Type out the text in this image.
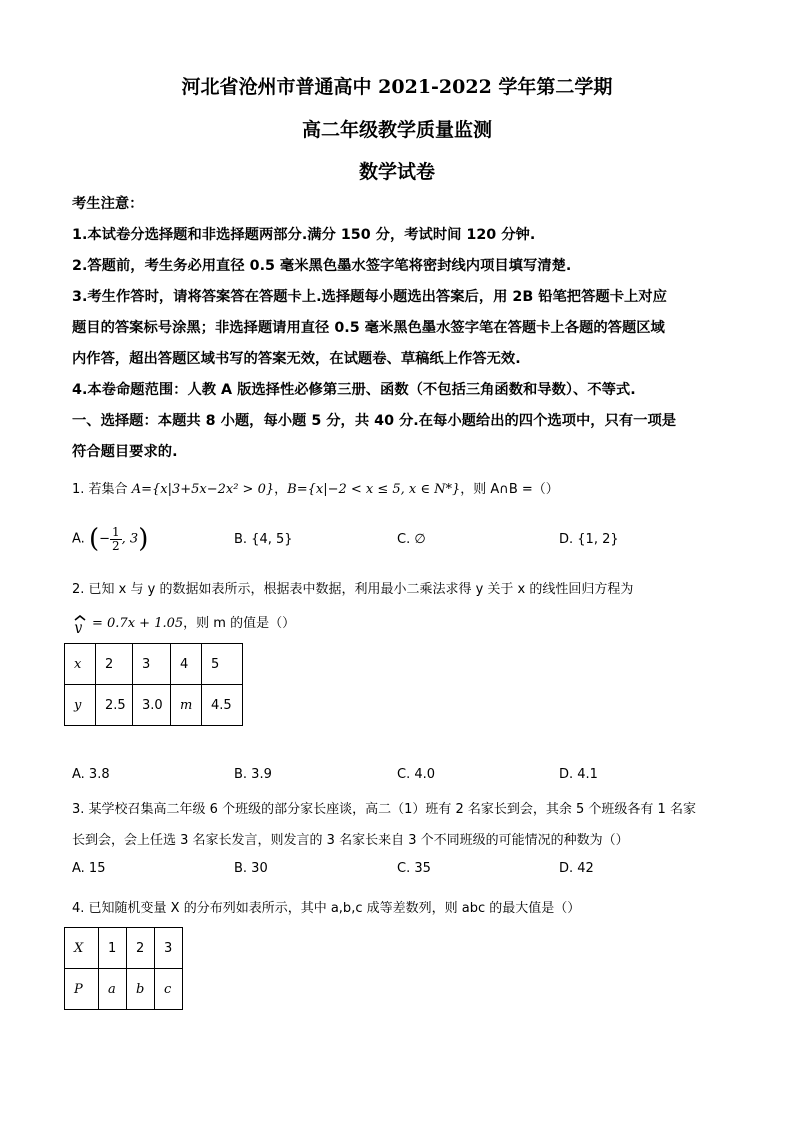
河北省沧州市普通高中 2021-2022 学年第二学期
高二年级教学质量监测
数学试卷
考生注意：
1.本试卷分选择题和非选择题两部分.满分 150 分，考试时间 120 分钟.
2.答题前，考生务必用直径 0.5 毫米黑色墨水签字笔将密封线内项目填写清楚.
3.考生作答时，请将答案答在答题卡上.选择题每小题选出答案后，用 2B 铅笔把答题卡上对应
题目的答案标号涂黑；非选择题请用直径 0.5 毫米黑色墨水签字笔在答题卡上各题的答题区域
内作答，超出答题区域书写的答案无效，在试题卷、草稿纸上作答无效.
4.本卷命题范围：人教 A 版选择性必修第三册、函数（不包括三角函数和导数）、不等式.
一、选择题：本题共 8 小题，每小题 5 分，共 40 分.在每小题给出的四个选项中，只有一项是
符合题目要求的.
1. 若集合 A={x|3+5x−2x² > 0}，B={x|−2 < x ≤ 5, x ∈ N*}，则 A∩B =（）
A. (− $\frac{1}{2}$ , 3)	B. {4, 5}	C. ∅	D. {1, 2}
2. 已知 x 与 y 的数据如表所示，根据表中数据，利用最小二乘法求得 y 关于 x 的线性回归方程为
y = 0.7x + 1.05，则 m 的值是（）
x	2	3	4	5
y	2.5	3.0	m	4.5
A. 3.8	B. 3.9	C. 4.0	D. 4.1
3. 某学校召集高二年级 6 个班级的部分家长座谈，高二（1）班有 2 名家长到会，其余 5 个班级各有 1 名家
长到会，会上任选 3 名家长发言，则发言的 3 名家长来自 3 个不同班级的可能情况的种数为（）
A. 15	B. 30	C. 35	D. 42
4. 已知随机变量 X 的分布列如表所示，其中 a,b,c 成等差数列，则 abc 的最大值是（）
X	1	2	3
P	a	b	c
